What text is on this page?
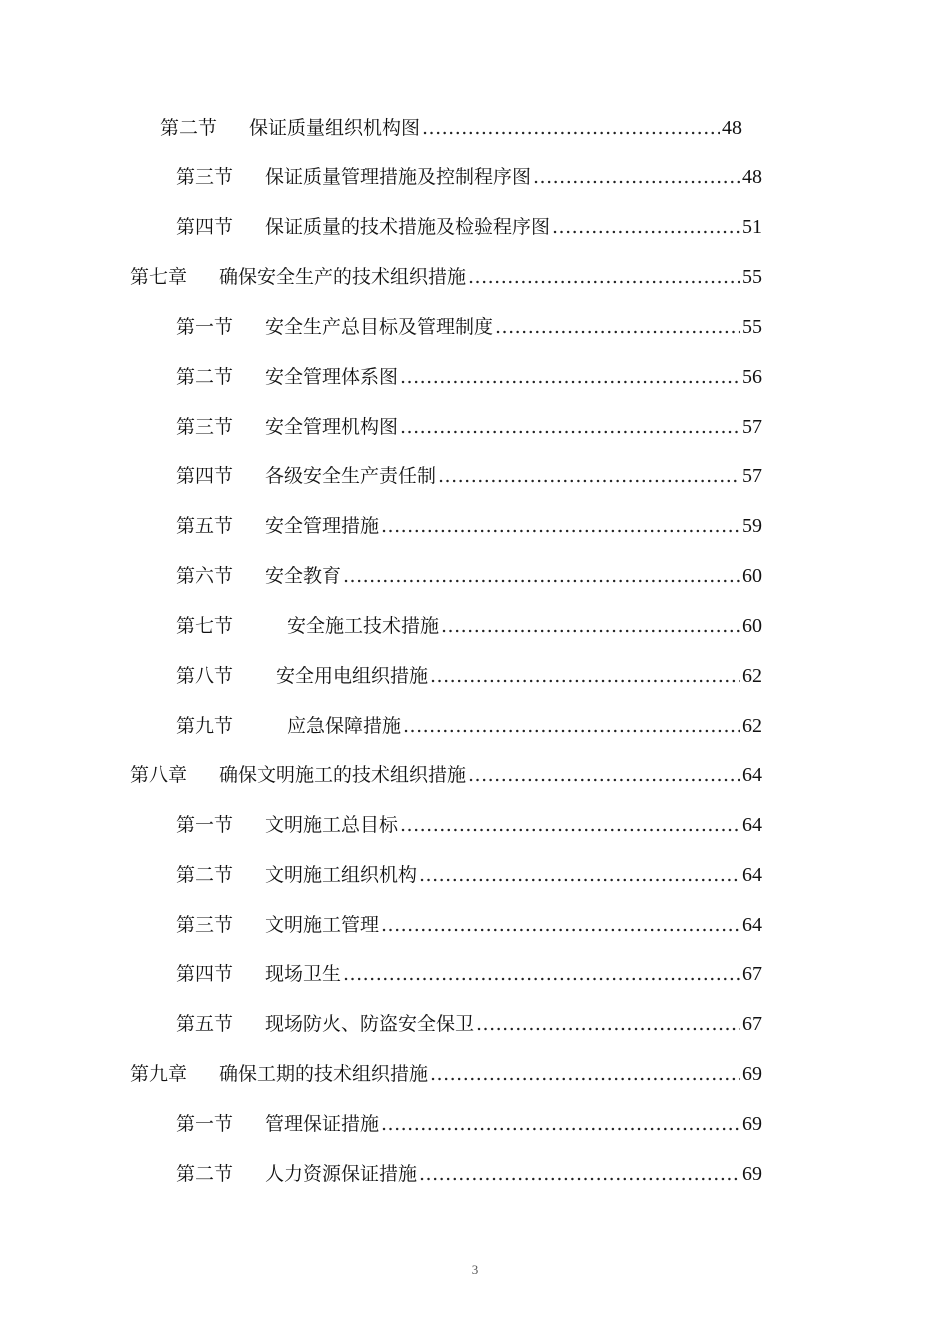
第二节	保证质量组织机构图 .....	48
第三节	保证质量管理措施及控制程序图 .....	48
第四节	保证质量的技术措施及检验程序图 .....	51
第七章	确保安全生产的技术组织措施 .....	55
第一节	安全生产总目标及管理制度 .....	55
第二节	安全管理体系图 .....	56
第三节	安全管理机构图 .....	57
第四节	各级安全生产责任制 .....	57
第五节	安全管理措施 .....	59
第六节	安全教育 .....	60
第七节	安全施工技术措施 .....	60
第八节	安全用电组织措施 .....	62
第九节	应急保障措施 .....	62
第八章	确保文明施工的技术组织措施 .....	64
第一节	文明施工总目标 .....	64
第二节	文明施工组织机构 .....	64
第三节	文明施工管理 .....	64
第四节	现场卫生 .....	67
第五节	现场防火、防盗安全保卫 .....	67
第九章	确保工期的技术组织措施 .....	69
第一节	管理保证措施 .....	69
第二节	人力资源保证措施 .....	69
3
